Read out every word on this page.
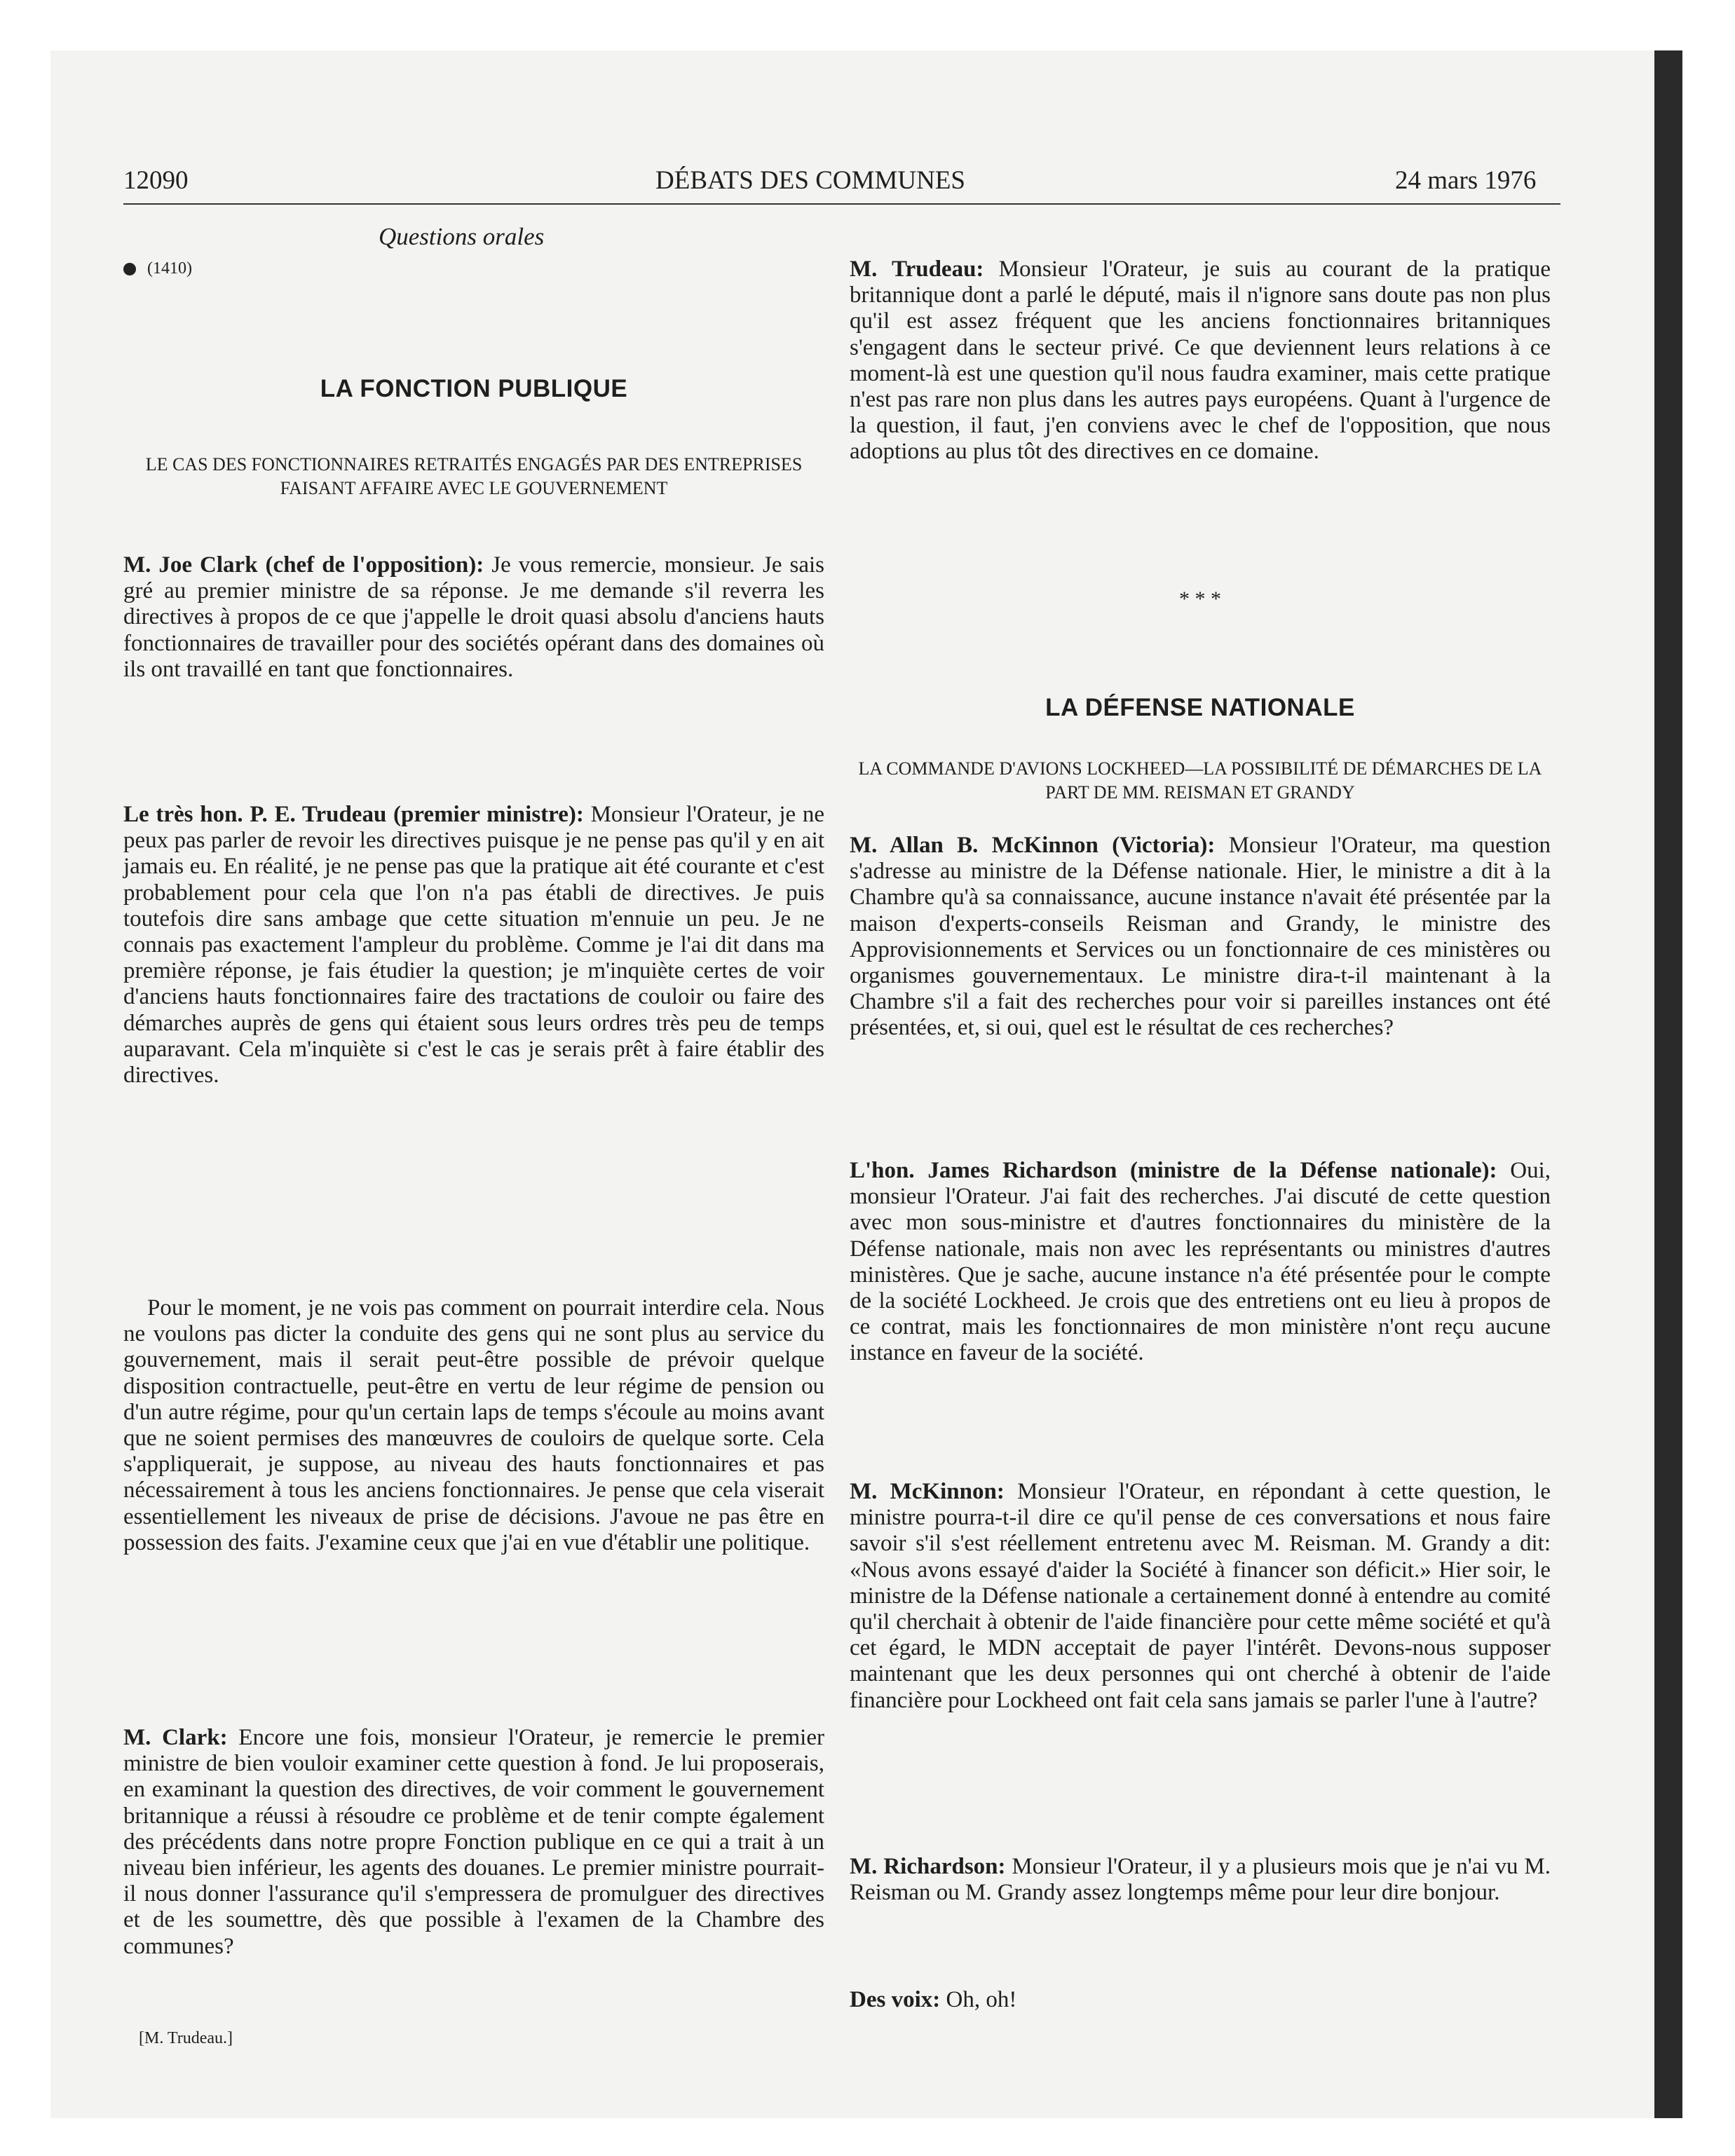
12090	DÉBATS DES COMMUNES	24 mars 1976
Questions orales
(1410)
LA FONCTION PUBLIQUE
LE CAS DES FONCTIONNAIRES RETRAITÉS ENGAGÉS PAR DES ENTREPRISES FAISANT AFFAIRE AVEC LE GOUVERNEMENT

M. Joe Clark (chef de l'opposition): Je vous remercie, monsieur. Je sais gré au premier ministre de sa réponse. Je me demande s'il reverra les directives à propos de ce que j'appelle le droit quasi absolu d'anciens hauts fonctionnaires de travailler pour des sociétés opérant dans des domaines où ils ont travaillé en tant que fonctionnaires.

Le très hon. P. E. Trudeau (premier ministre): Monsieur l'Orateur, je ne peux pas parler de revoir les directives puisque je ne pense pas qu'il y en ait jamais eu. En réalité, je ne pense pas que la pratique ait été courante et c'est probablement pour cela que l'on n'a pas établi de directives. Je puis toutefois dire sans ambage que cette situation m'ennuie un peu. Je ne connais pas exactement l'ampleur du problème. Comme je l'ai dit dans ma première réponse, je fais étudier la question; je m'inquiète certes de voir d'anciens hauts fonctionnaires faire des tractations de couloir ou faire des démarches auprès de gens qui étaient sous leurs ordres très peu de temps auparavant. Cela m'inquiète si c'est le cas je serais prêt à faire établir des directives.

Pour le moment, je ne vois pas comment on pourrait interdire cela. Nous ne voulons pas dicter la conduite des gens qui ne sont plus au service du gouvernement, mais il serait peut-être possible de prévoir quelque disposition contractuelle, peut-être en vertu de leur régime de pension ou d'un autre régime, pour qu'un certain laps de temps s'écoule au moins avant que ne soient permises des manœuvres de couloirs de quelque sorte. Cela s'appliquerait, je suppose, au niveau des hauts fonctionnaires et pas nécessairement à tous les anciens fonctionnaires. Je pense que cela viserait essentiellement les niveaux de prise de décisions. J'avoue ne pas être en possession des faits. J'examine ceux que j'ai en vue d'établir une politique.

M. Clark: Encore une fois, monsieur l'Orateur, je remercie le premier ministre de bien vouloir examiner cette question à fond. Je lui proposerais, en examinant la question des directives, de voir comment le gouvernement britannique a réussi à résoudre ce problème et de tenir compte également des précédents dans notre propre Fonction publique en ce qui a trait à un niveau bien inférieur, les agents des douanes. Le premier ministre pourrait-il nous donner l'assurance qu'il s'empressera de promulguer des directives et de les soumettre, dès que possible à l'examen de la Chambre des communes?

[M. Trudeau.]

M. Trudeau: Monsieur l'Orateur, je suis au courant de la pratique britannique dont a parlé le député, mais il n'ignore sans doute pas non plus qu'il est assez fréquent que les anciens fonctionnaires britanniques s'engagent dans le secteur privé. Ce que deviennent leurs relations à ce moment-là est une question qu'il nous faudra examiner, mais cette pratique n'est pas rare non plus dans les autres pays européens. Quant à l'urgence de la question, il faut, j'en conviens avec le chef de l'opposition, que nous adoptions au plus tôt des directives en ce domaine.

* * *
LA DÉFENSE NATIONALE
LA COMMANDE D'AVIONS LOCKHEED—LA POSSIBILITÉ DE DÉMARCHES DE LA PART DE MM. REISMAN ET GRANDY

M. Allan B. McKinnon (Victoria): Monsieur l'Orateur, ma question s'adresse au ministre de la Défense nationale. Hier, le ministre a dit à la Chambre qu'à sa connaissance, aucune instance n'avait été présentée par la maison d'experts-conseils Reisman and Grandy, le ministre des Approvisionnements et Services ou un fonctionnaire de ces ministères ou organismes gouvernementaux. Le ministre dira-t-il maintenant à la Chambre s'il a fait des recherches pour voir si pareilles instances ont été présentées, et, si oui, quel est le résultat de ces recherches?

L'hon. James Richardson (ministre de la Défense nationale): Oui, monsieur l'Orateur. J'ai fait des recherches. J'ai discuté de cette question avec mon sous-ministre et d'autres fonctionnaires du ministère de la Défense nationale, mais non avec les représentants ou ministres d'autres ministères. Que je sache, aucune instance n'a été présentée pour le compte de la société Lockheed. Je crois que des entretiens ont eu lieu à propos de ce contrat, mais les fonctionnaires de mon ministère n'ont reçu aucune instance en faveur de la société.

M. McKinnon: Monsieur l'Orateur, en répondant à cette question, le ministre pourra-t-il dire ce qu'il pense de ces conversations et nous faire savoir s'il s'est réellement entretenu avec M. Reisman. M. Grandy a dit: «Nous avons essayé d'aider la Société à financer son déficit.» Hier soir, le ministre de la Défense nationale a certainement donné à entendre au comité qu'il cherchait à obtenir de l'aide financière pour cette même société et qu'à cet égard, le MDN acceptait de payer l'intérêt. Devons-nous supposer maintenant que les deux personnes qui ont cherché à obtenir de l'aide financière pour Lockheed ont fait cela sans jamais se parler l'une à l'autre?

M. Richardson: Monsieur l'Orateur, il y a plusieurs mois que je n'ai vu M. Reisman ou M. Grandy assez longtemps même pour leur dire bonjour.

Des voix: Oh, oh!
